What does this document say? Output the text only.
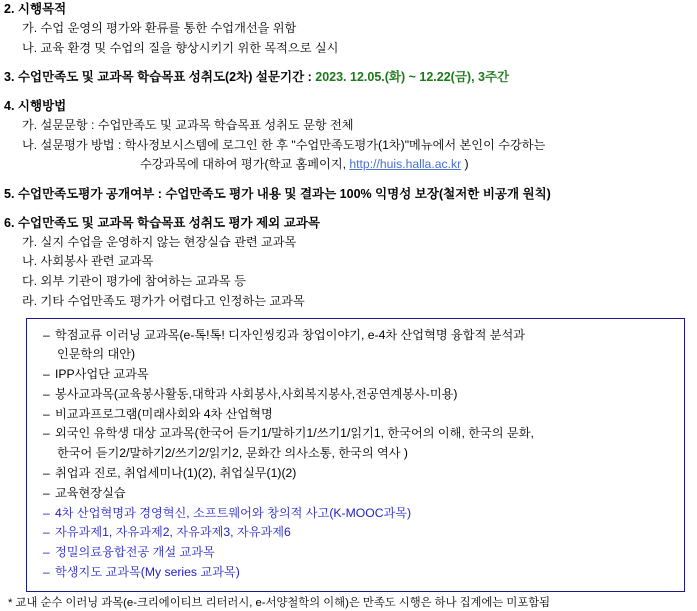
2. 시행목적
가. 수업 운영의 평가와 환류를 통한 수업개선을 위함
나. 교육 환경 및 수업의 질을 향상시키기 위한 목적으로 실시
3. 수업만족도 및 교과목 학습목표 성취도(2차) 설문기간 : 2023. 12.05.(화) ~ 12.22(금), 3주간
4. 시행방법
가. 설문문항 : 수업만족도 및 교과목 학습목표 성취도 문항 전체
나. 설문평가 방법 : 학사정보시스템에 로그인 한 후 "수업만족도평가(1차)"메뉴에서 본인이 수강하는
수강과목에 대하여 평가(학교 홈페이지, http://huis.halla.ac.kr )
5. 수업만족도평가 공개여부 : 수업만족도 평가 내용 및 결과는 100% 익명성 보장(철저한 비공개 원칙)
6. 수업만족도 및 교과목 학습목표 성취도 평가 제외 교과목
가. 실지 수업을 운영하지 않는 현장실습 관련 교과목
나. 사회봉사 관련 교과목
다. 외부 기관이 평가에 참여하는 교과목 등
라. 기타 수업만족도 평가가 어렵다고 인정하는 교과목
– 학점교류 이러닝 교과목(e-톡!톡! 디자인씽킹과 창업이야기, e-4차 산업혁명 융합적 분석과
인문학의 대안)
– IPP사업단 교과목
– 봉사교과목(교육봉사활동,대학과 사회봉사,사회복지봉사,전공연계봉사-미용)
– 비교과프로그램(미래사회와 4차 산업혁명
– 외국인 유학생 대상 교과목(한국어 듣기1/말하기1/쓰기1/읽기1, 한국어의 이해, 한국의 문화,
한국어 듣기2/말하기2/쓰기2/읽기2, 문화간 의사소통, 한국의 역사 )
– 취업과 진로, 취업세미나(1)(2), 취업실무(1)(2)
– 교육현장실습
– 4차 산업혁명과 경영혁신, 소프트웨어와 창의적 사고(K-MOOC과목)
– 자유과제1, 자유과제2, 자유과제3, 자유과제6
– 정밀의료융합전공 개설 교과목
– 학생지도 교과목(My series 교과목)
* 교내 순수 이러닝 과목(e-크리에이티브 리터러시, e-서양철학의 이해)은 만족도 시행은 하나 집계에는 미포함됨
